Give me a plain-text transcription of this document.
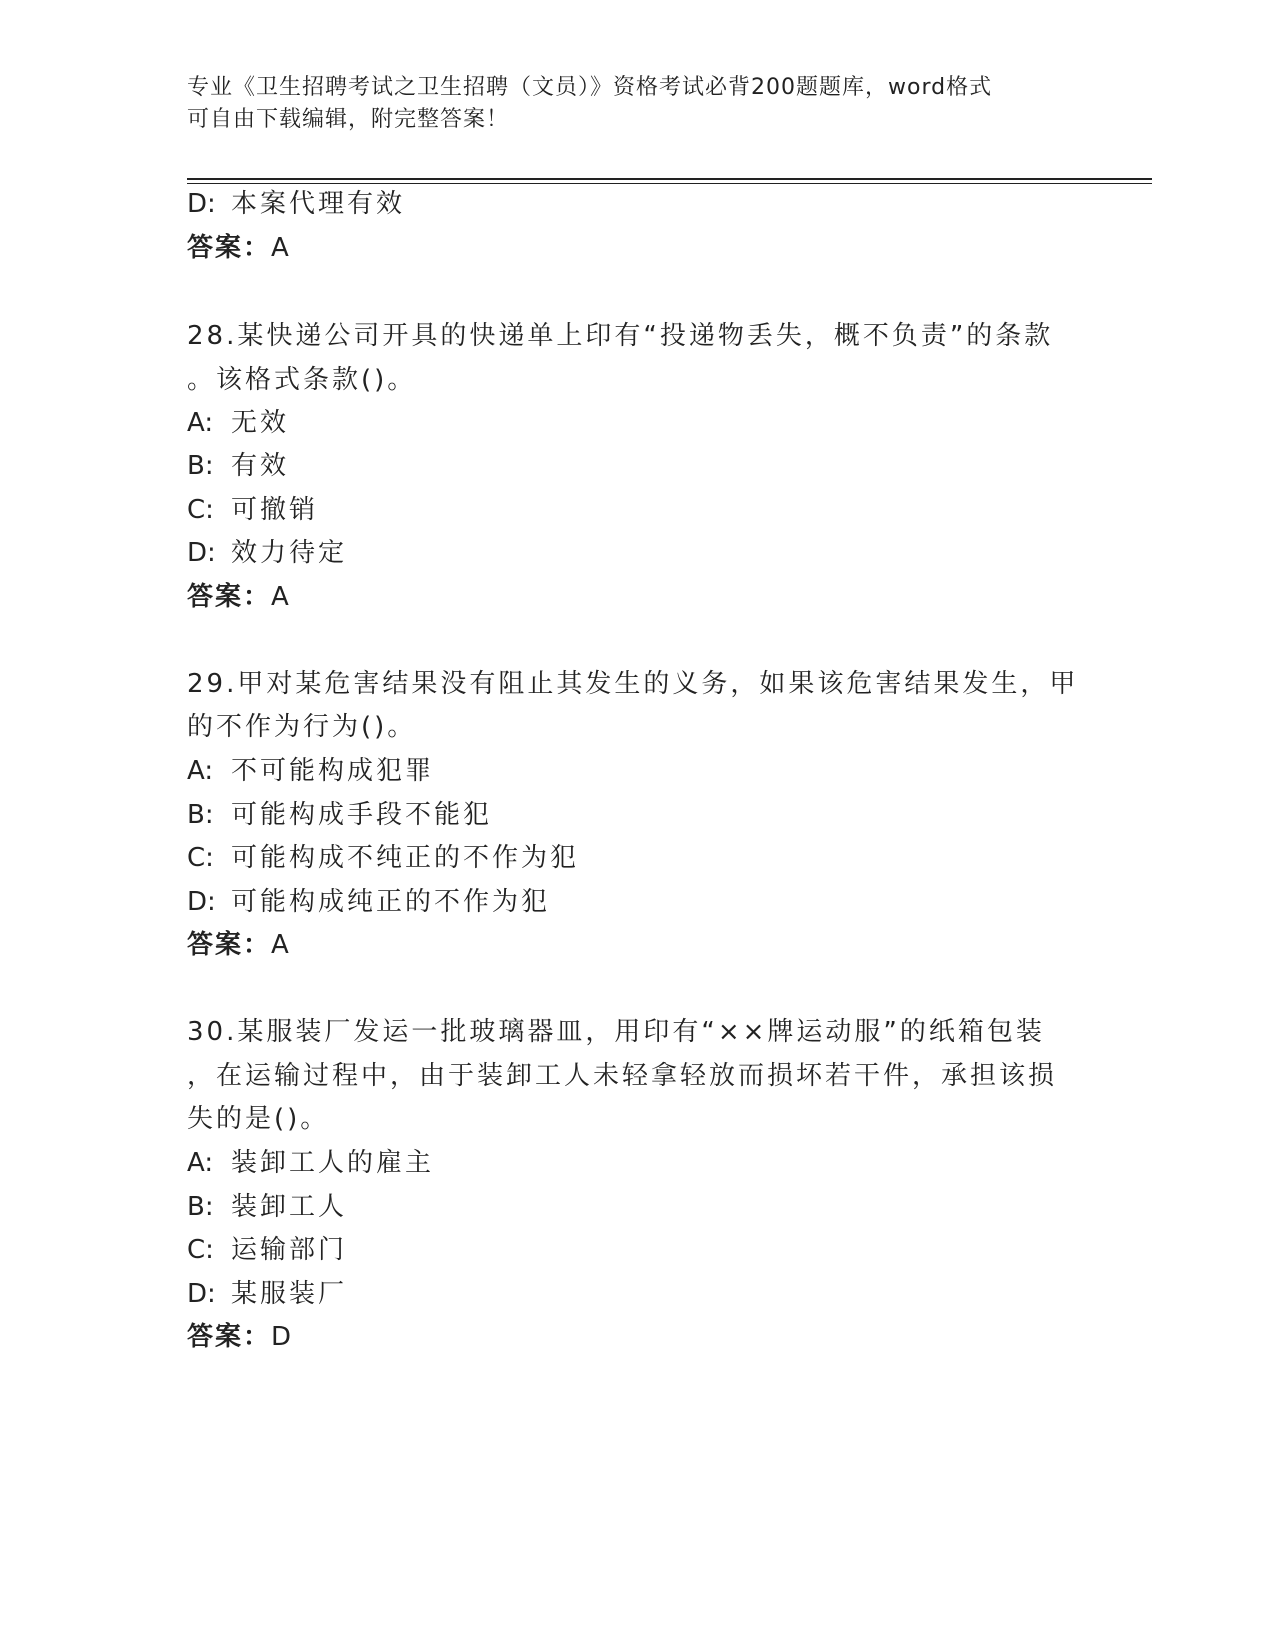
专业《卫生招聘考试之卫生招聘（文员）》资格考试必背200题题库，word格式
可自由下载编辑，附完整答案！
D: 本案代理有效
答案：A
28.某快递公司开具的快递单上印有“投递物丢失，概不负责”的条款
。该格式条款()。
A: 无效
B: 有效
C: 可撤销
D: 效力待定
答案：A
29.甲对某危害结果没有阻止其发生的义务，如果该危害结果发生，甲
的不作为行为()。
A: 不可能构成犯罪
B: 可能构成手段不能犯
C: 可能构成不纯正的不作为犯
D: 可能构成纯正的不作为犯
答案：A
30.某服装厂发运一批玻璃器皿，用印有“××牌运动服”的纸箱包装
，在运输过程中，由于装卸工人未轻拿轻放而损坏若干件，承担该损
失的是()。
A: 装卸工人的雇主
B: 装卸工人
C: 运输部门
D: 某服装厂
答案：D
